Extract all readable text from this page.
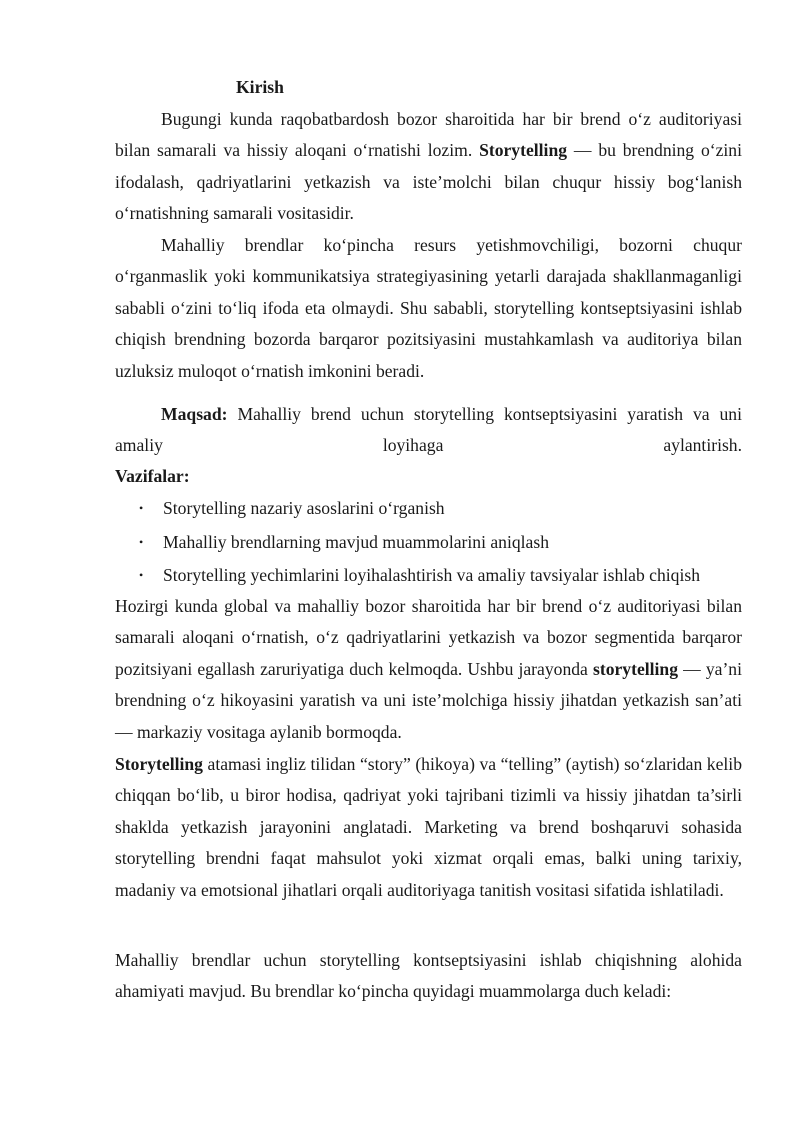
Kirish

Bugungi kunda raqobatbardosh bozor sharoitida har bir brend o‘z auditoriyasi bilan samarali va hissiy aloqani o‘rnatishi lozim. Storytelling — bu brendning o‘zini ifodalash, qadriyatlarini yetkazish va iste’molchi bilan chuqur hissiy bog‘lanish o‘rnatishning samarali vositasidir.

Mahalliy brendlar ko‘pincha resurs yetishmovchiligi, bozorni chuqur o‘rganmaslik yoki kommunikatsiya strategiyasining yetarli darajada shakllanmaganligi sababli o‘zini to‘liq ifoda eta olmaydi. Shu sababli, storytelling kontseptsiyasini ishlab chiqish brendning bozorda barqaror pozitsiyasini mustahkamlash va auditoriya bilan uzluksiz muloqot o‘rnatish imkonini beradi.

Maqsad: Mahalliy brend uchun storytelling kontseptsiyasini yaratish va uni amaliy loyihaga aylantirish.

Vazifalar:

• Storytelling nazariy asoslarini o‘rganish
• Mahalliy brendlarning mavjud muammolarini aniqlash
• Storytelling yechimlarini loyihalashtirish va amaliy tavsiyalar ishlab chiqish

Hozirgi kunda global va mahalliy bozor sharoitida har bir brend o‘z auditoriyasi bilan samarali aloqani o‘rnatish, o‘z qadriyatlarini yetkazish va bozor segmentida barqaror pozitsiyani egallash zaruriyatiga duch kelmoqda. Ushbu jarayonda storytelling — ya’ni brendning o‘z hikoyasini yaratish va uni iste’molchiga hissiy jihatdan yetkazish san’ati — markaziy vositaga aylanib bormoqda.

Storytelling atamasi ingliz tilidan “story” (hikoya) va “telling” (aytish) so‘zlaridan kelib chiqqan bo‘lib, u biror hodisa, qadriyat yoki tajribani tizimli va hissiy jihatdan ta’sirli shaklda yetkazish jarayonini anglatadi. Marketing va brend boshqaruvi sohasida storytelling brendni faqat mahsulot yoki xizmat orqali emas, balki uning tarixiy, madaniy va emotsional jihatlari orqali auditoriyaga tanitish vositasi sifatida ishlatiladi.

Mahalliy brendlar uchun storytelling kontseptsiyasini ishlab chiqishning alohida ahamiyati mavjud. Bu brendlar ko‘pincha quyidagi muammolarga duch keladi:
